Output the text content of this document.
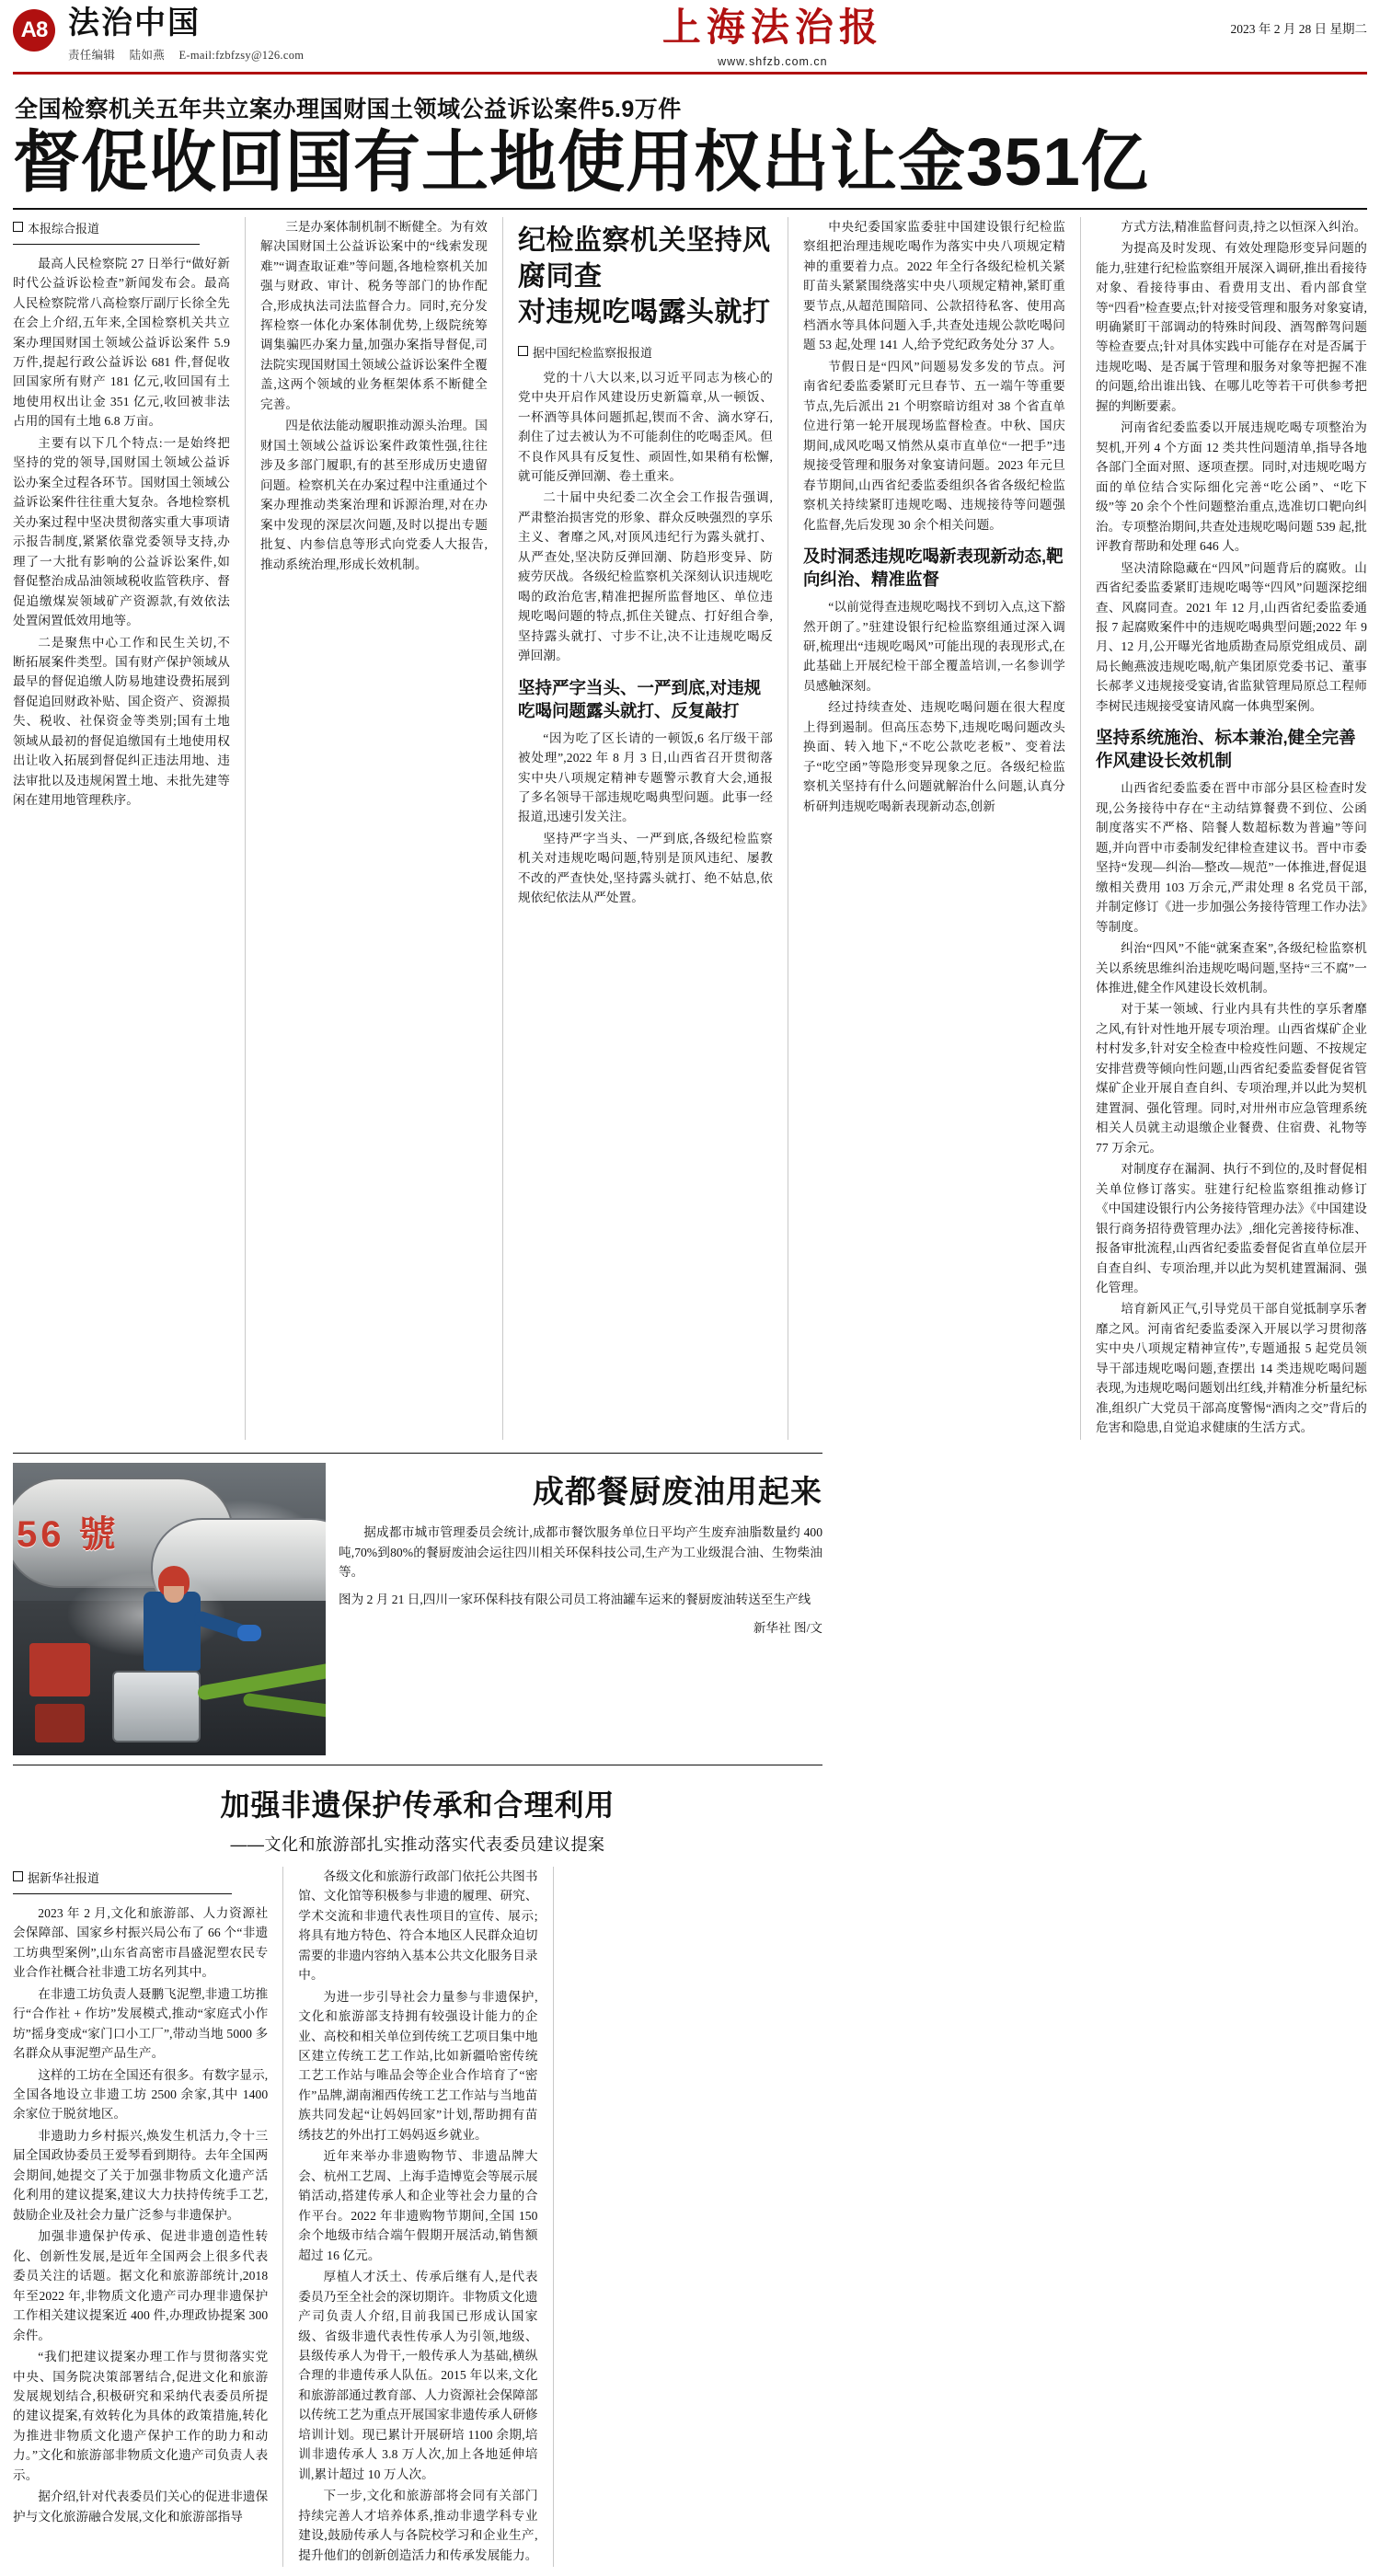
A8 法治中国
责任编辑 陆如燕 E-mail:fzbfzsy@126.com
上海法治报
www.shfzb.com.cn
2023 年 2 月 28 日 星期二
全国检察机关五年共立案办理国财国土领域公益诉讼案件5.9万件
督促收回国有土地使用权出让金351亿
本报综合报道

最高人民检察院 27 日举行“做好新时代公益诉讼检查”新闻发布会。最高人民检察院常八高检察厅副厅长徐全先在会上介绍,五年来,全国检察机关共立案办理国财国土领域公益诉讼案件 5.9 万件,提起行政公益诉讼 681 件,督促收回国家所有财产 181 亿元,收回国有土地使用权出让金 351 亿元,收回被非法占用的国有土地 6.8 万亩。

主要有以下几个特点:一是始终把坚持的党的领导,国财国土领域公益诉讼办案全过程各环节。国财国土领域公益诉讼案件往往重大复杂。各地检察机关办案过程中坚决贯彻落实重大事项请示报告制度,紧紧依靠党委领导支持,办理了一大批有影响的公益诉讼案件,如督促整治成品油领域税收监管秩序、督促追缴煤炭领域矿产资源款,有效依法处置闲置低效用地等。

二是聚焦中心工作和民生关切,不断拓展案件类型。国有财产保护领域从最早的督促追缴人防易地建设费拓展到督促追回财政补贴、国企资产、资源损失、税收、社保资金等类别;国有土地领域从最初的督促追缴国有土地使用权出让收入拓展到督促纠正违法用地、违法审批以及违规闲置土地、未批先建等闲在建用地管理秩序。

三是办案体制机制不断健全。为有效解决国财国土公益诉讼案中的“线索发现难”“调查取证难”等问题,各地检察机关加强与财政、审计、税务等部门的协作配合,形成执法司法监督合力。同时,充分发挥检察一体化办案体制优势,上级院统筹调集骗匹办案力量,加强办案指导督促,司法院实现国财国土领域公益诉讼案件全覆盖,这两个领域的业务框架体系不断健全完善。

四是依法能动履职推动源头治理。国财国土领域公益诉讼案件政策性强,往往涉及多部门履职,有的甚至形成历史遗留问题。检察机关在办案过程中注重通过个案办理推动类案治理和诉源治理,对在办案中发现的深层次问题,及时以提出专题批复、内参信息等形式向党委人大报告,推动系统治理,形成长效机制。

纪检监察机关坚持风腐同查
对违规吃喝露头就打
据中国纪检监察报报道

党的十八大以来,以习近平同志为核心的党中央开启作风建设历史新篇章,从一顿饭、一杯酒等具体问题抓起,锲而不舍、滴水穿石,刹住了过去被认为不可能刹住的吃喝歪风。但不良作风具有反复性、顽固性,如果稍有松懈,就可能反弹回潮、卷土重来。

二十届中央纪委二次全会工作报告强调,严肃整治损害党的形象、群众反映强烈的享乐主义、奢靡之风,对顶风违纪行为露头就打、从严查处,坚决防反弹回潮、防趋形变异、防疲劳厌战。各级纪检监察机关深刻认识违规吃喝的政治危害,精准把握所监督地区、单位违规吃喝问题的特点,抓住关键点、打好组合拳,坚持露头就打、寸步不让,决不让违规吃喝反弹回潮。

坚持严字当头、一严到底,对违规吃喝问题露头就打、反复敲打

“因为吃了区长请的一顿饭,6 名厅级干部被处理”,2022 年 8 月 3 日,山西省召开贯彻落实中央八项规定精神专题警示教育大会,通报了多名领导干部违规吃喝典型问题。此事一经报道,迅速引发关注。

坚持严字当头、一严到底,各级纪检监察机关对违规吃喝问题,特别是顶风违纪、屡教不改的严查快处,坚持露头就打、绝不姑息,依规依纪依法从严处置。

中央纪委国家监委驻中国建设银行纪检监察组把治理违规吃喝作为落实中央八项规定精神的重要着力点。2022 年全行各级纪检机关紧盯苗头紧紧围绕落实中央八项规定精神,紧盯重要节点,从超范围陪同、公款招待私客、使用高档酒水等具体问题入手,共查处违规公款吃喝问题 53 起,处理 141 人,给予党纪政务处分 37 人。

节假日是“四风”问题易发多发的节点。河南省纪委监委紧盯元旦春节、五一端午等重要节点,先后派出 21 个明察暗访组对 38 个省直单位进行第一轮开展现场监督检查。中秋、国庆期间,成风吃喝又悄然从桌市直单位“一把手”违规接受管理和服务对象宴请问题。2023 年元旦春节期间,山西省纪委监委组织各省各级纪检监察机关持续紧盯违规吃喝、违规接待等问题强化监督,先后发现 30 余个相关问题。

及时洞悉违规吃喝新表现新动态,靶向纠治、精准监督

“以前觉得查违规吃喝找不到切入点,这下豁然开朗了。”驻建设银行纪检监察组通过深入调研,梳理出“违规吃喝风”可能出现的表现形式,在此基础上开展纪检干部全覆盖培训,一名参训学员感触深刻。

经过持续查处、违规吃喝问题在很大程度上得到遏制。但高压态势下,违规吃喝问题改头换面、转入地下,“不吃公款吃老板”、变着法子“吃空函”等隐形变异现象之厄。各级纪检监察机关坚持有什么问题就解治什么问题,认真分析研判违规吃喝新表现新动态,创新

方式方法,精准监督问责,持之以恒深入纠治。

为提高及时发现、有效处理隐形变异问题的能力,驻建行纪检监察组开展深入调研,推出看接待对象、看接待事由、看费用支出、看内部食堂等“四看”检查要点;针对接受管理和服务对象宴请,明确紧盯干部调动的特殊时间段、酒驾醉驾问题等检查要点;针对具体实践中可能存在对是否属于违规吃喝、是否属于管理和服务对象等把握不准的问题,给出谁出钱、在哪儿吃等若干可供参考把握的判断要素。

河南省纪委监委以开展违规吃喝专项整治为契机,开列 4 个方面 12 类共性问题清单,指导各地各部门全面对照、逐项查摆。同时,对违规吃喝方面的单位结合实际细化完善“吃公函”、“吃下级”等 20 余个个性问题整治重点,选准切口靶向纠治。专项整治期间,共查处违规吃喝问题 539 起,批评教育帮助和处理 646 人。

坚决清除隐藏在“四风”问题背后的腐败。山西省纪委监委紧盯违规吃喝等“四风”问题深挖细查、风腐同查。2021 年 12 月,山西省纪委监委通报 7 起腐败案件中的违规吃喝典型问题;2022 年 9 月、12 月,公开曝光省地质勘查局原党组成员、副局长鲍燕波违规吃喝,航产集团原党委书记、董事长郝孝义违规接受宴请,省监狱管理局原总工程师李树民违规接受宴请风腐一体典型案例。

坚持系统施治、标本兼治,健全完善作风建设长效机制

山西省纪委监委在晋中市部分县区检查时发现,公务接待中存在“主动结算餐费不到位、公函制度落实不严格、陪餐人数超标数为普遍”等问题,并向晋中市委制发纪律检查建议书。晋中市委坚持“发现—纠治—整改—规范”一体推进,督促退缴相关费用 103 万余元,严肃处理 8 名党员干部,并制定修订《进一步加强公务接待管理工作办法》等制度。

纠治“四风”不能“就案查案”,各级纪检监察机关以系统思维纠治违规吃喝问题,坚持“三不腐”一体推进,健全作风建设长效机制。

对于某一领域、行业内具有共性的享乐奢靡之风,有针对性地开展专项治理。山西省煤矿企业村村发多,针对安全检查中检疫性问题、不按规定安排营费等倾向性问题,山西省纪委监委督促省管煤矿企业开展自查自纠、专项治理,并以此为契机建置洞、强化管理。同时,对卅州市应急管理系统相关人员就主动退缴企业餐费、住宿费、礼物等 77 万余元。

对制度存在漏洞、执行不到位的,及时督促相关单位修订落实。驻建行纪检监察组推动修订《中国建设银行内公务接待管理办法》《中国建设银行商务招待费管理办法》,细化完善接待标准、报备审批流程,山西省纪委监委督促省直单位层开自查自纠、专项治理,并以此为契机建置漏洞、强化管理。

培育新风正气,引导党员干部自觉抵制享乐奢靡之风。河南省纪委监委深入开展以学习贯彻落实中央八项规定精神宣传”,专题通报 5 起党员领导干部违规吃喝问题,查摆出 14 类违规吃喝问题表现,为违规吃喝问题划出红线,并精准分析量纪标准,组织广大党员干部高度警惕“酒肉之交”背后的危害和隐患,自觉追求健康的生活方式。

56 號
成都餐厨废油用起来

据成都市城市管理委员会统计,成都市餐饮服务单位日平均产生废弃油脂数量约 400 吨,70%到80%的餐厨废油会运往四川相关环保科技公司,生产为工业级混合油、生物柴油等。

图为 2 月 21 日,四川一家环保科技有限公司员工将油罐车运来的餐厨废油转送至生产线

新华社 图/文
加强非遗保护传承和合理利用
——文化和旅游部扎实推动落实代表委员建议提案
据新华社报道

2023 年 2 月,文化和旅游部、人力资源社会保障部、国家乡村振兴局公布了 66 个“非遗工坊典型案例”,山东省高密市昌盛泥塑农民专业合作社概合社非遗工坊名列其中。

在非遗工坊负责人聂鹏飞泥塑,非遗工坊推行“合作社 + 作坊”发展模式,推动“家庭式小作坊”摇身变成“家门口小工厂”,带动当地 5000 多名群众从事泥塑产品生产。

这样的工坊在全国还有很多。有数字显示,全国各地设立非遗工坊 2500 余家,其中 1400 余家位于脱贫地区。

非遗助力乡村振兴,焕发生机活力,令十三届全国政协委员王爱琴看到期待。去年全国两会期间,她提交了关于加强非物质文化遗产活化利用的建议提案,建议大力扶持传统手工艺,鼓励企业及社会力量广泛参与非遗保护。

加强非遗保护传承、促进非遗创造性转化、创新性发展,是近年全国两会上很多代表委员关注的话题。据文化和旅游部统计,2018 年至2022 年,非物质文化遗产司办理非遗保护工作相关建议提案近 400 件,办理政协提案 300 余件。

“我们把建议提案办理工作与贯彻落实党中央、国务院决策部署结合,促进文化和旅游发展规划结合,积极研究和采纳代表委员所提的建议提案,有效转化为具体的政策措施,转化为推进非物质文化遗产保护工作的助力和动力。”文化和旅游部非物质文化遗产司负责人表示。

据介绍,针对代表委员们关心的促进非遗保护与文化旅游融合发展,文化和旅游部指导

各级文化和旅游行政部门依托公共图书馆、文化馆等积极参与非遗的履理、研究、学术交流和非遗代表性项目的宣传、展示;将具有地方特色、符合本地区人民群众迫切需要的非遗内容纳入基本公共文化服务目录中。

为进一步引导社会力量参与非遗保护,文化和旅游部支持拥有较强设计能力的企业、高校和相关单位到传统工艺项目集中地区建立传统工艺工作站,比如新疆哈密传统工艺工作站与唯品会等企业合作培育了“密作”品牌,湖南湘西传统工艺工作站与当地苗族共同发起“让妈妈回家”计划,帮助拥有苗绣技艺的外出打工妈妈返乡就业。

近年来举办非遗购物节、非遗品牌大会、杭州工艺周、上海手造博览会等展示展销活动,搭建传承人和企业等社会力量的合作平台。2022 年非遗购物节期间,全国 150 余个地级市结合端午假期开展活动,销售额超过 16 亿元。

厚植人才沃土、传承后继有人,是代表委员乃至全社会的深切期许。非物质文化遗产司负责人介绍,目前我国已形成认国家级、省级非遗代表性传承人为引领,地级、县级传承人为骨干,一般传承人为基础,横纵合理的非遗传承人队伍。2015 年以来,文化和旅游部通过教育部、人力资源社会保障部以传统工艺为重点开展国家非遗传承人研修培训计划。现已累计开展研培 1100 余期,培训非遗传承人 3.8 万人次,加上各地延伸培训,累计超过 10 万人次。

下一步,文化和旅游部将会同有关部门持续完善人才培养体系,推动非遗学科专业建设,鼓励传承人与各院校学习和企业生产,提升他们的创新创造活力和传承发展能力。
